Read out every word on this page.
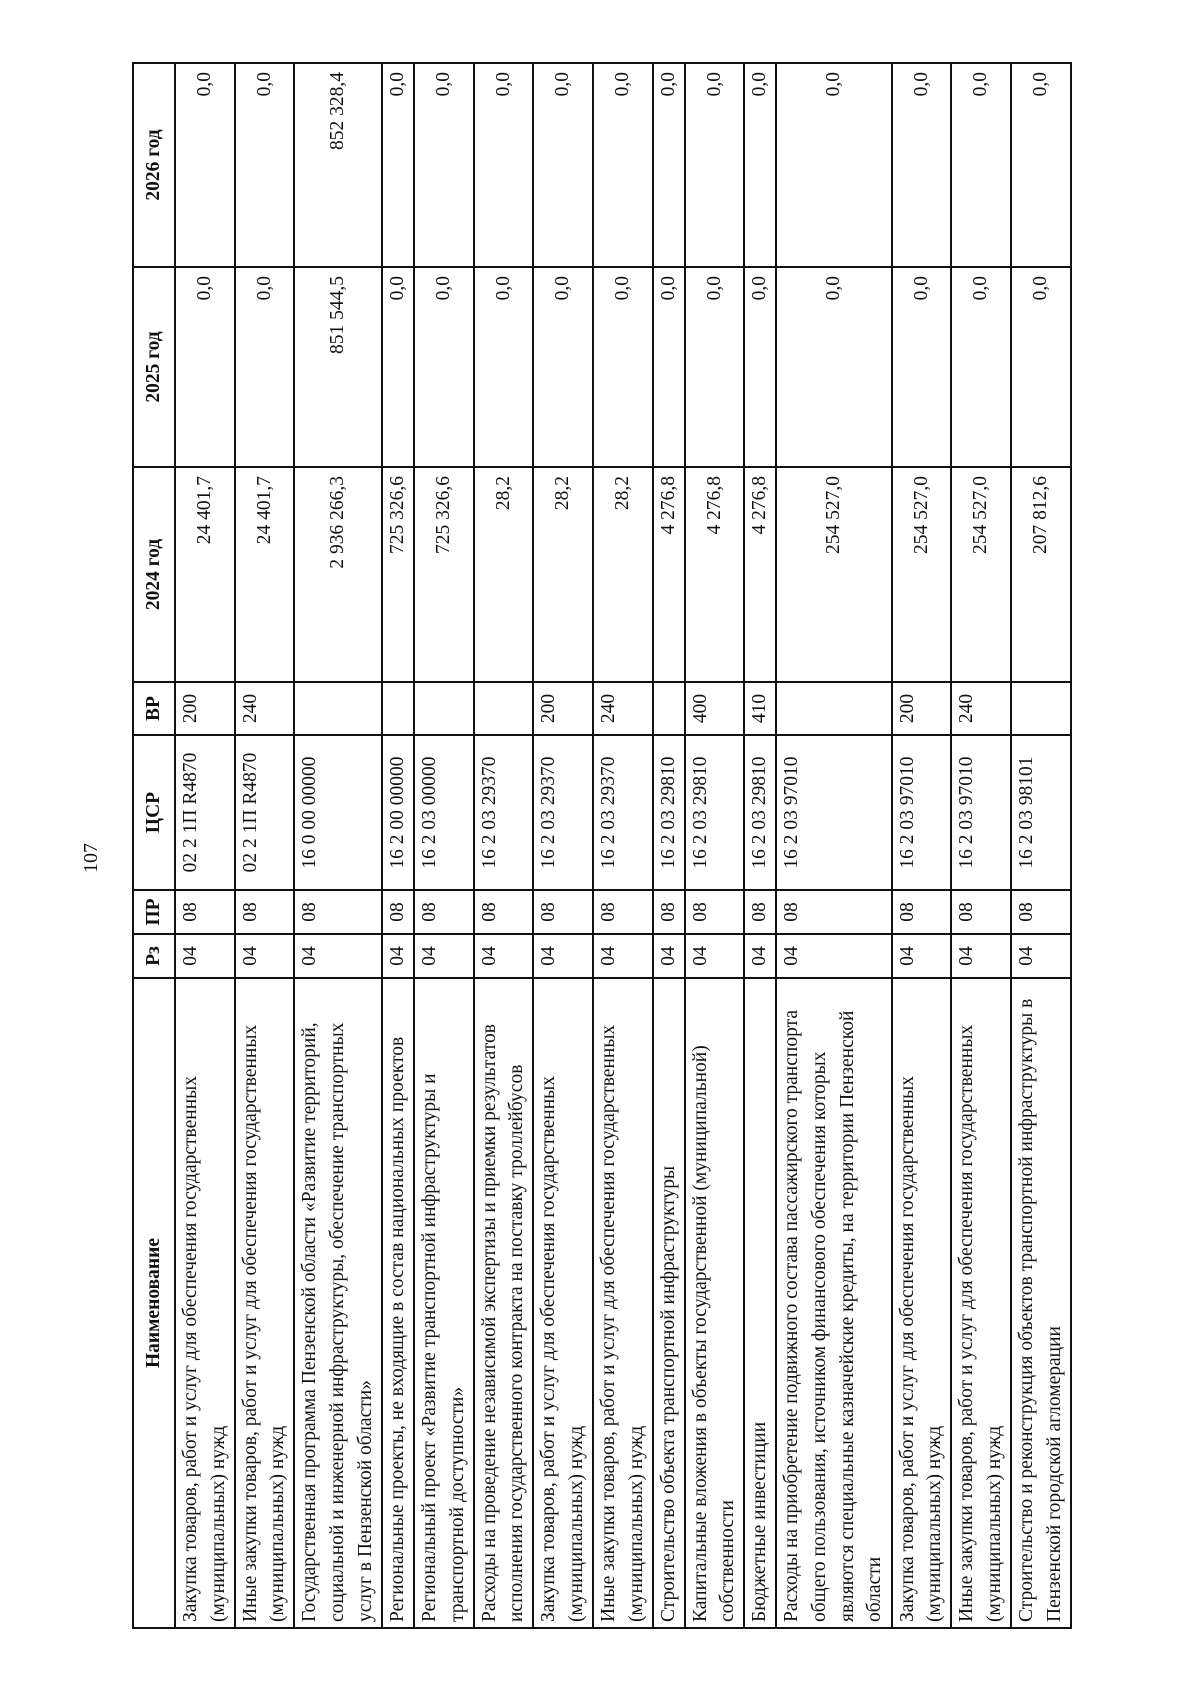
107
Наименование	Рз	ПР	ЦСР	ВР	2024 год	2025 год	2026 год
Закупка товаров, работ и услуг для обеспечения государственных (муниципальных) нужд	04	08	02 2 1П R4870	200	24 401,7	0,0	0,0
Иные закупки товаров, работ и услуг для обеспечения государственных (муниципальных) нужд	04	08	02 2 1П R4870	240	24 401,7	0,0	0,0
Государственная программа Пензенской области «Развитие территорий, социальной и инженерной инфраструктуры, обеспечение транспортных услуг в Пензенской области»	04	08	16 0 00 00000		2 936 266,3	851 544,5	852 328,4
Региональные проекты, не входящие в состав национальных проектов	04	08	16 2 00 00000		725 326,6	0,0	0,0
Региональный проект «Развитие транспортной инфраструктуры и транспортной доступности»	04	08	16 2 03 00000		725 326,6	0,0	0,0
Расходы на проведение независимой экспертизы и приемки результатов исполнения государственного контракта на поставку троллейбусов	04	08	16 2 03 29370		28,2	0,0	0,0
Закупка товаров, работ и услуг для обеспечения государственных (муниципальных) нужд	04	08	16 2 03 29370	200	28,2	0,0	0,0
Иные закупки товаров, работ и услуг для обеспечения государственных (муниципальных) нужд	04	08	16 2 03 29370	240	28,2	0,0	0,0
Строительство объекта транспортной инфраструктуры	04	08	16 2 03 29810		4 276,8	0,0	0,0
Капитальные вложения в объекты государственной (муниципальной) собственности	04	08	16 2 03 29810	400	4 276,8	0,0	0,0
Бюджетные инвестиции	04	08	16 2 03 29810	410	4 276,8	0,0	0,0
Расходы на приобретение подвижного состава пассажирского транспорта общего пользования, источником финансового обеспечения которых являются специальные казначейские кредиты, на территории Пензенской области	04	08	16 2 03 97010		254 527,0	0,0	0,0
Закупка товаров, работ и услуг для обеспечения государственных (муниципальных) нужд	04	08	16 2 03 97010	200	254 527,0	0,0	0,0
Иные закупки товаров, работ и услуг для обеспечения государственных (муниципальных) нужд	04	08	16 2 03 97010	240	254 527,0	0,0	0,0
Строительство и реконструкция объектов транспортной инфраструктуры в Пензенской городской агломерации	04	08	16 2 03 98101		207 812,6	0,0	0,0
